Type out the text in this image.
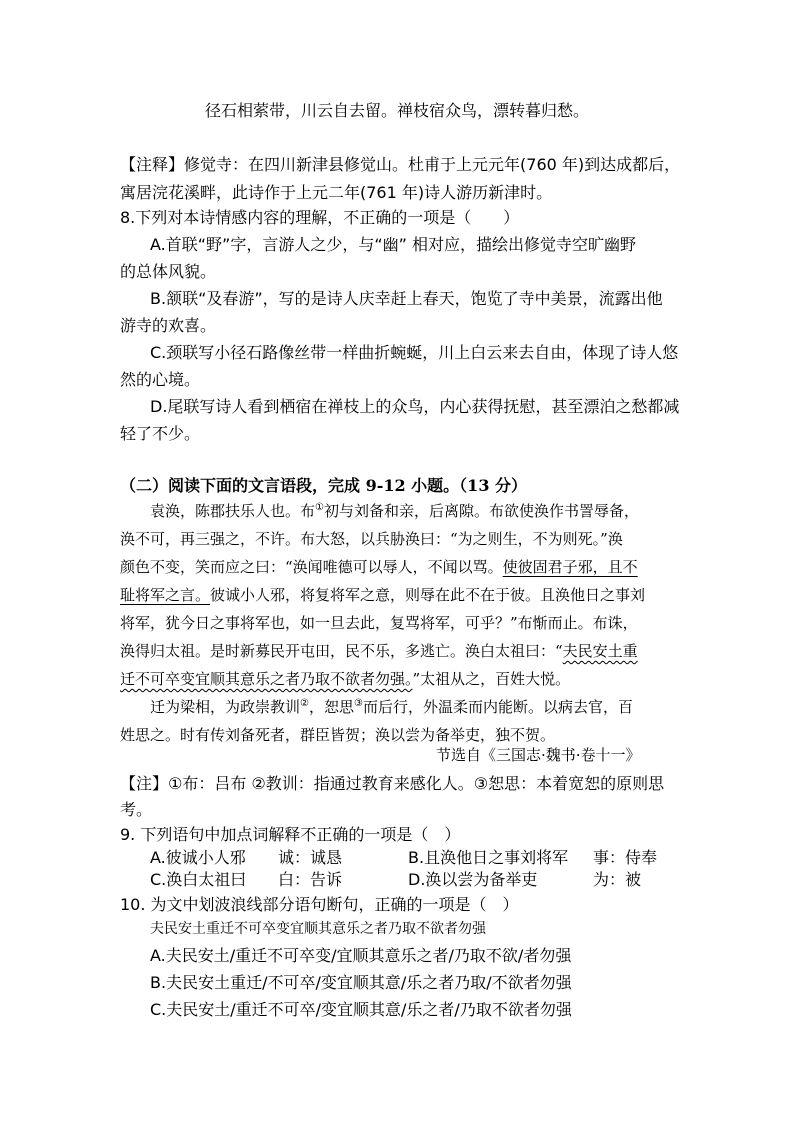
径石相萦带，川云自去留。禅枝宿众鸟，漂转暮归愁。
【注释】修觉寺：在四川新津县修觉山。杜甫于上元元年(760 年)到达成都后，
寓居浣花溪畔，此诗作于上元二年(761 年)诗人游历新津时。
8.下列对本诗情感内容的理解，不正确的一项是（　　）
A.首联“野”字，言游人之少，与“幽” 相对应，描绘出修觉寺空旷幽野
的总体风貌。
B.颔联“及春游”，写的是诗人庆幸赶上春天，饱览了寺中美景，流露出他
游寺的欢喜。
C.颈联写小径石路像丝带一样曲折蜿蜒，川上白云来去自由，体现了诗人悠
然的心境。
D.尾联写诗人看到栖宿在禅枝上的众鸟，内心获得抚慰，甚至漂泊之愁都减
轻了不少。
（二）阅读下面的文言语段，完成 9-12 小题。（13 分）
袁涣，陈郡扶乐人也。布①初与刘备和亲，后离隙。布欲使涣作书詈辱备，
涣不可，再三强之，不许。布大怒，以兵胁涣曰：“为之则生，不为则死。”涣
颜色不变，笑而应之曰：“涣闻唯德可以辱人，不闻以骂。使彼固君子邪，且不
耻将军之言。彼诚小人邪，将复将军之意，则辱在此不在于彼。且涣他日之事刘
将军，犹今日之事将军也，如一旦去此，复骂将军，可乎？”布惭而止。布诛，
涣得归太祖。是时新募民开屯田，民不乐，多逃亡。涣白太祖曰：“夫民安土重
迁不可卒变宜顺其意乐之者乃取不欲者勿强。”太祖从之，百姓大悦。
迁为梁相，为政崇教训②，恕思③而后行，外温柔而内能断。以病去官，百
姓思之。时有传刘备死者，群臣皆贺；涣以尝为备举吏，独不贺。
节选自《三国志·魏书·卷十一》
【注】①布：吕布 ②教训：指通过教育来感化人。③恕思：本着宽恕的原则思
考。
9. 下列语句中加点词解释不正确的一项是（　）
A.彼诚小人邪 诚：诚恳	B.且涣他日之事刘将军 事：侍奉
C.涣白太祖曰 白：告诉	D.涣以尝为备举吏	为：被
10. 为文中划波浪线部分语句断句，正确的一项是（　）
夫民安土重迁不可卒变宜顺其意乐之者乃取不欲者勿强
A.夫民安土/重迁不可卒变/宜顺其意乐之者/乃取不欲/者勿强
B.夫民安土重迁/不可卒/变宜顺其意/乐之者乃取/不欲者勿强
C.夫民安土/重迁不可卒/变宜顺其意/乐之者/乃取不欲者勿强
